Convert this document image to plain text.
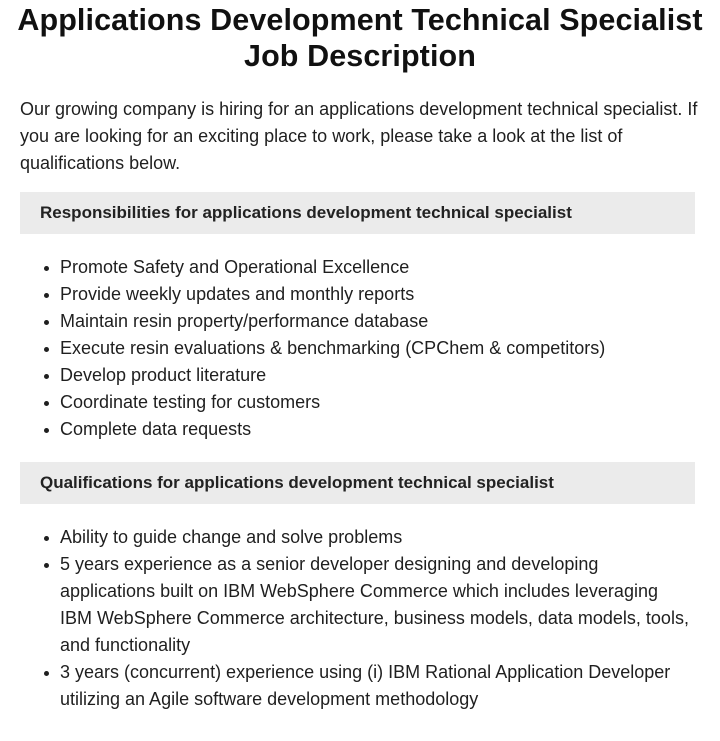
Applications Development Technical Specialist
Job Description

Our growing company is hiring for an applications development technical specialist. If you are looking for an exciting place to work, please take a look at the list of qualifications below.

Responsibilities for applications development technical specialist
Promote Safety and Operational Excellence
Provide weekly updates and monthly reports
Maintain resin property/performance database
Execute resin evaluations & benchmarking (CPChem & competitors)
Develop product literature
Coordinate testing for customers
Complete data requests
Qualifications for applications development technical specialist
Ability to guide change and solve problems
5 years experience as a senior developer designing and developing applications built on IBM WebSphere Commerce which includes leveraging IBM WebSphere Commerce architecture, business models, data models, tools, and functionality
3 years (concurrent) experience using (i) IBM Rational Application Developer utilizing an Agile software development methodology
